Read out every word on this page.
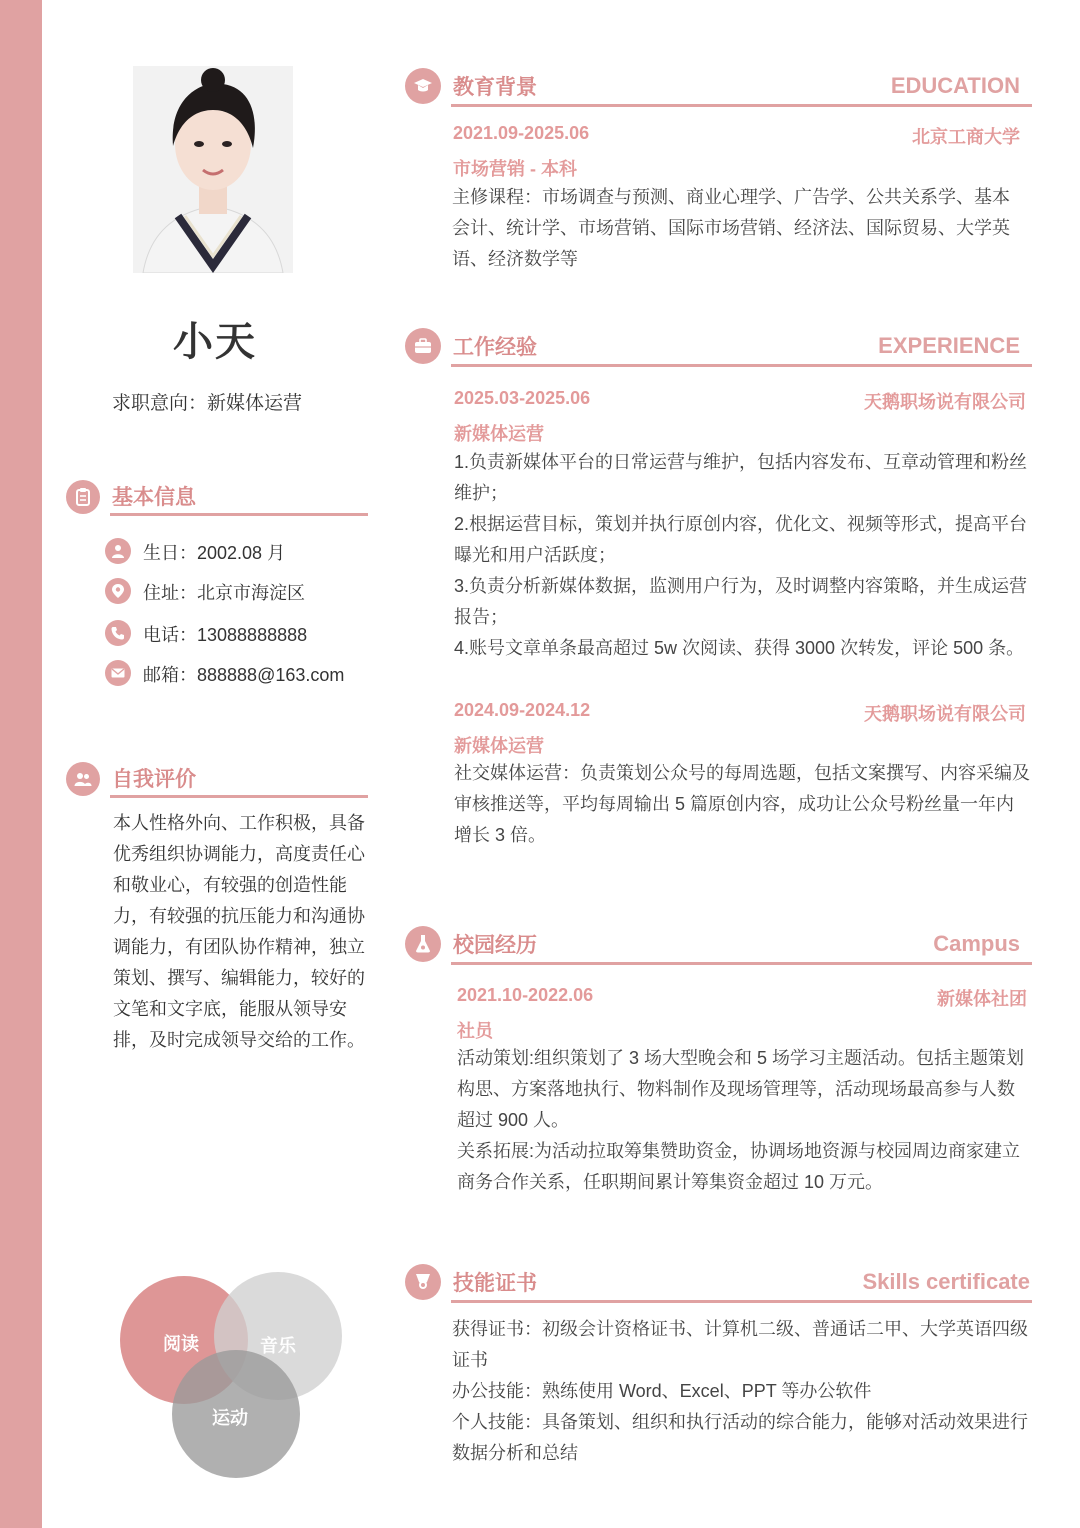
小天
求职意向：新媒体运营
基本信息
生日：2002.08 月
住址：北京市海淀区
电话：13088888888
邮箱：888888@163.com
自我评价
本人性格外向、工作积极，具备优秀组织协调能力，高度责任心和敬业心，有较强的创造性能力，有较强的抗压能力和沟通协调能力，有团队协作精神，独立策划、撰写、编辑能力，较好的文笔和文字底，能服从领导安排，及时完成领导交给的工作。
阅读	音乐
运动
教育背景	EDUCATION
2021.09-2025.06	北京工商大学
市场营销 - 本科
主修课程：市场调查与预测、商业心理学、广告学、公共关系学、基本会计、统计学、市场营销、国际市场营销、经济法、国际贸易、大学英语、经济数学等
工作经验	EXPERIENCE
2025.03-2025.06	天鹅职场说有限公司
新媒体运营
1.负责新媒体平台的日常运营与维护，包括内容发布、互章动管理和粉丝维护；
2.根据运营目标，策划并执行原创内容，优化文、视频等形式，提高平台曝光和用户活跃度；
3.负责分析新媒体数据，监测用户行为，及时调整内容策略，并生成运营报告；
4.账号文章单条最高超过 5w 次阅读、获得 3000 次转发，评论 500 条。
2024.09-2024.12	天鹅职场说有限公司
新媒体运营
社交媒体运营：负责策划公众号的每周选题，包括文案撰写、内容采编及审核推送等，平均每周输出 5 篇原创内容，成功让公众号粉丝量一年内增长 3 倍。
校园经历	Campus
2021.10-2022.06	新媒体社团
社员
活动策划:组织策划了 3 场大型晚会和 5 场学习主题活动。包括主题策划构思、方案落地执行、物料制作及现场管理等，活动现场最高参与人数超过 900 人。
关系拓展:为活动拉取筹集赞助资金，协调场地资源与校园周边商家建立商务合作关系，任职期间累计筹集资金超过 10 万元。
技能证书	Skills certificate
获得证书：初级会计资格证书、计算机二级、普通话二甲、大学英语四级证书
办公技能：熟练使用 Word、Excel、PPT 等办公软件
个人技能：具备策划、组织和执行活动的综合能力，能够对活动效果进行数据分析和总结
